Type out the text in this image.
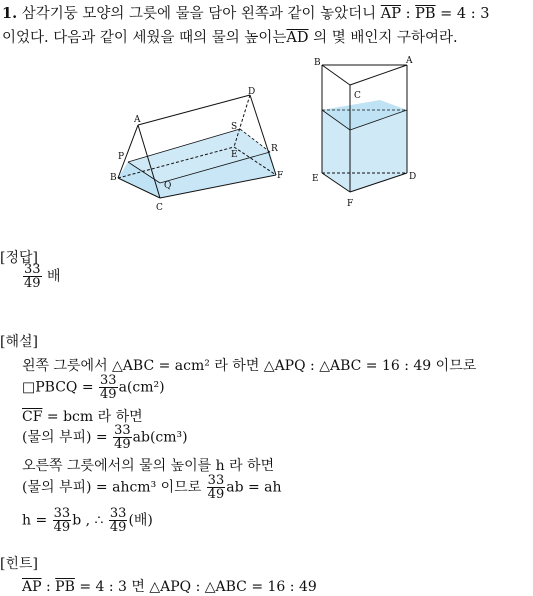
1. 삼각기둥 모양의 그릇에 물을 담아 왼쪽과 같이 놓았더니 $\overline{AP}$ : $\overline{PB} = 4$ : 3
이었다. 다음과 같이 세웠을 때의 물의 높이는$\overline{AD}$ 의 몇 배인지 구하여라.
A
D
S
R
P	E
B
Q
C
F
B	A
C
E	D
F
[정답]
$\frac{33}{49}$ 배
[해설]
왼쪽 그릇에서 △ABC = acm² 라 하면 △APQ : △ABC = 16 : 49 이므로
□PBCQ = $\frac{33}{49} a(cm^2)$
$\overline{CF}$ = bcm 라 하면
(물의 부피) = $\frac{33}{49} ab(cm^3)$
오른쪽 그릇에서의 물의 높이를 h 라 하면
(물의 부피) = ahcm³ 이므로 $\frac{33}{49}$ ab = ah
$h = \frac{33}{49}$ b , ∴ $\frac{33}{49}$ (배)
[힌트]
$\overline{AP}$ : $\overline{PB} = 4$ : 3 면 △APQ : △ABC = 16 : 49
